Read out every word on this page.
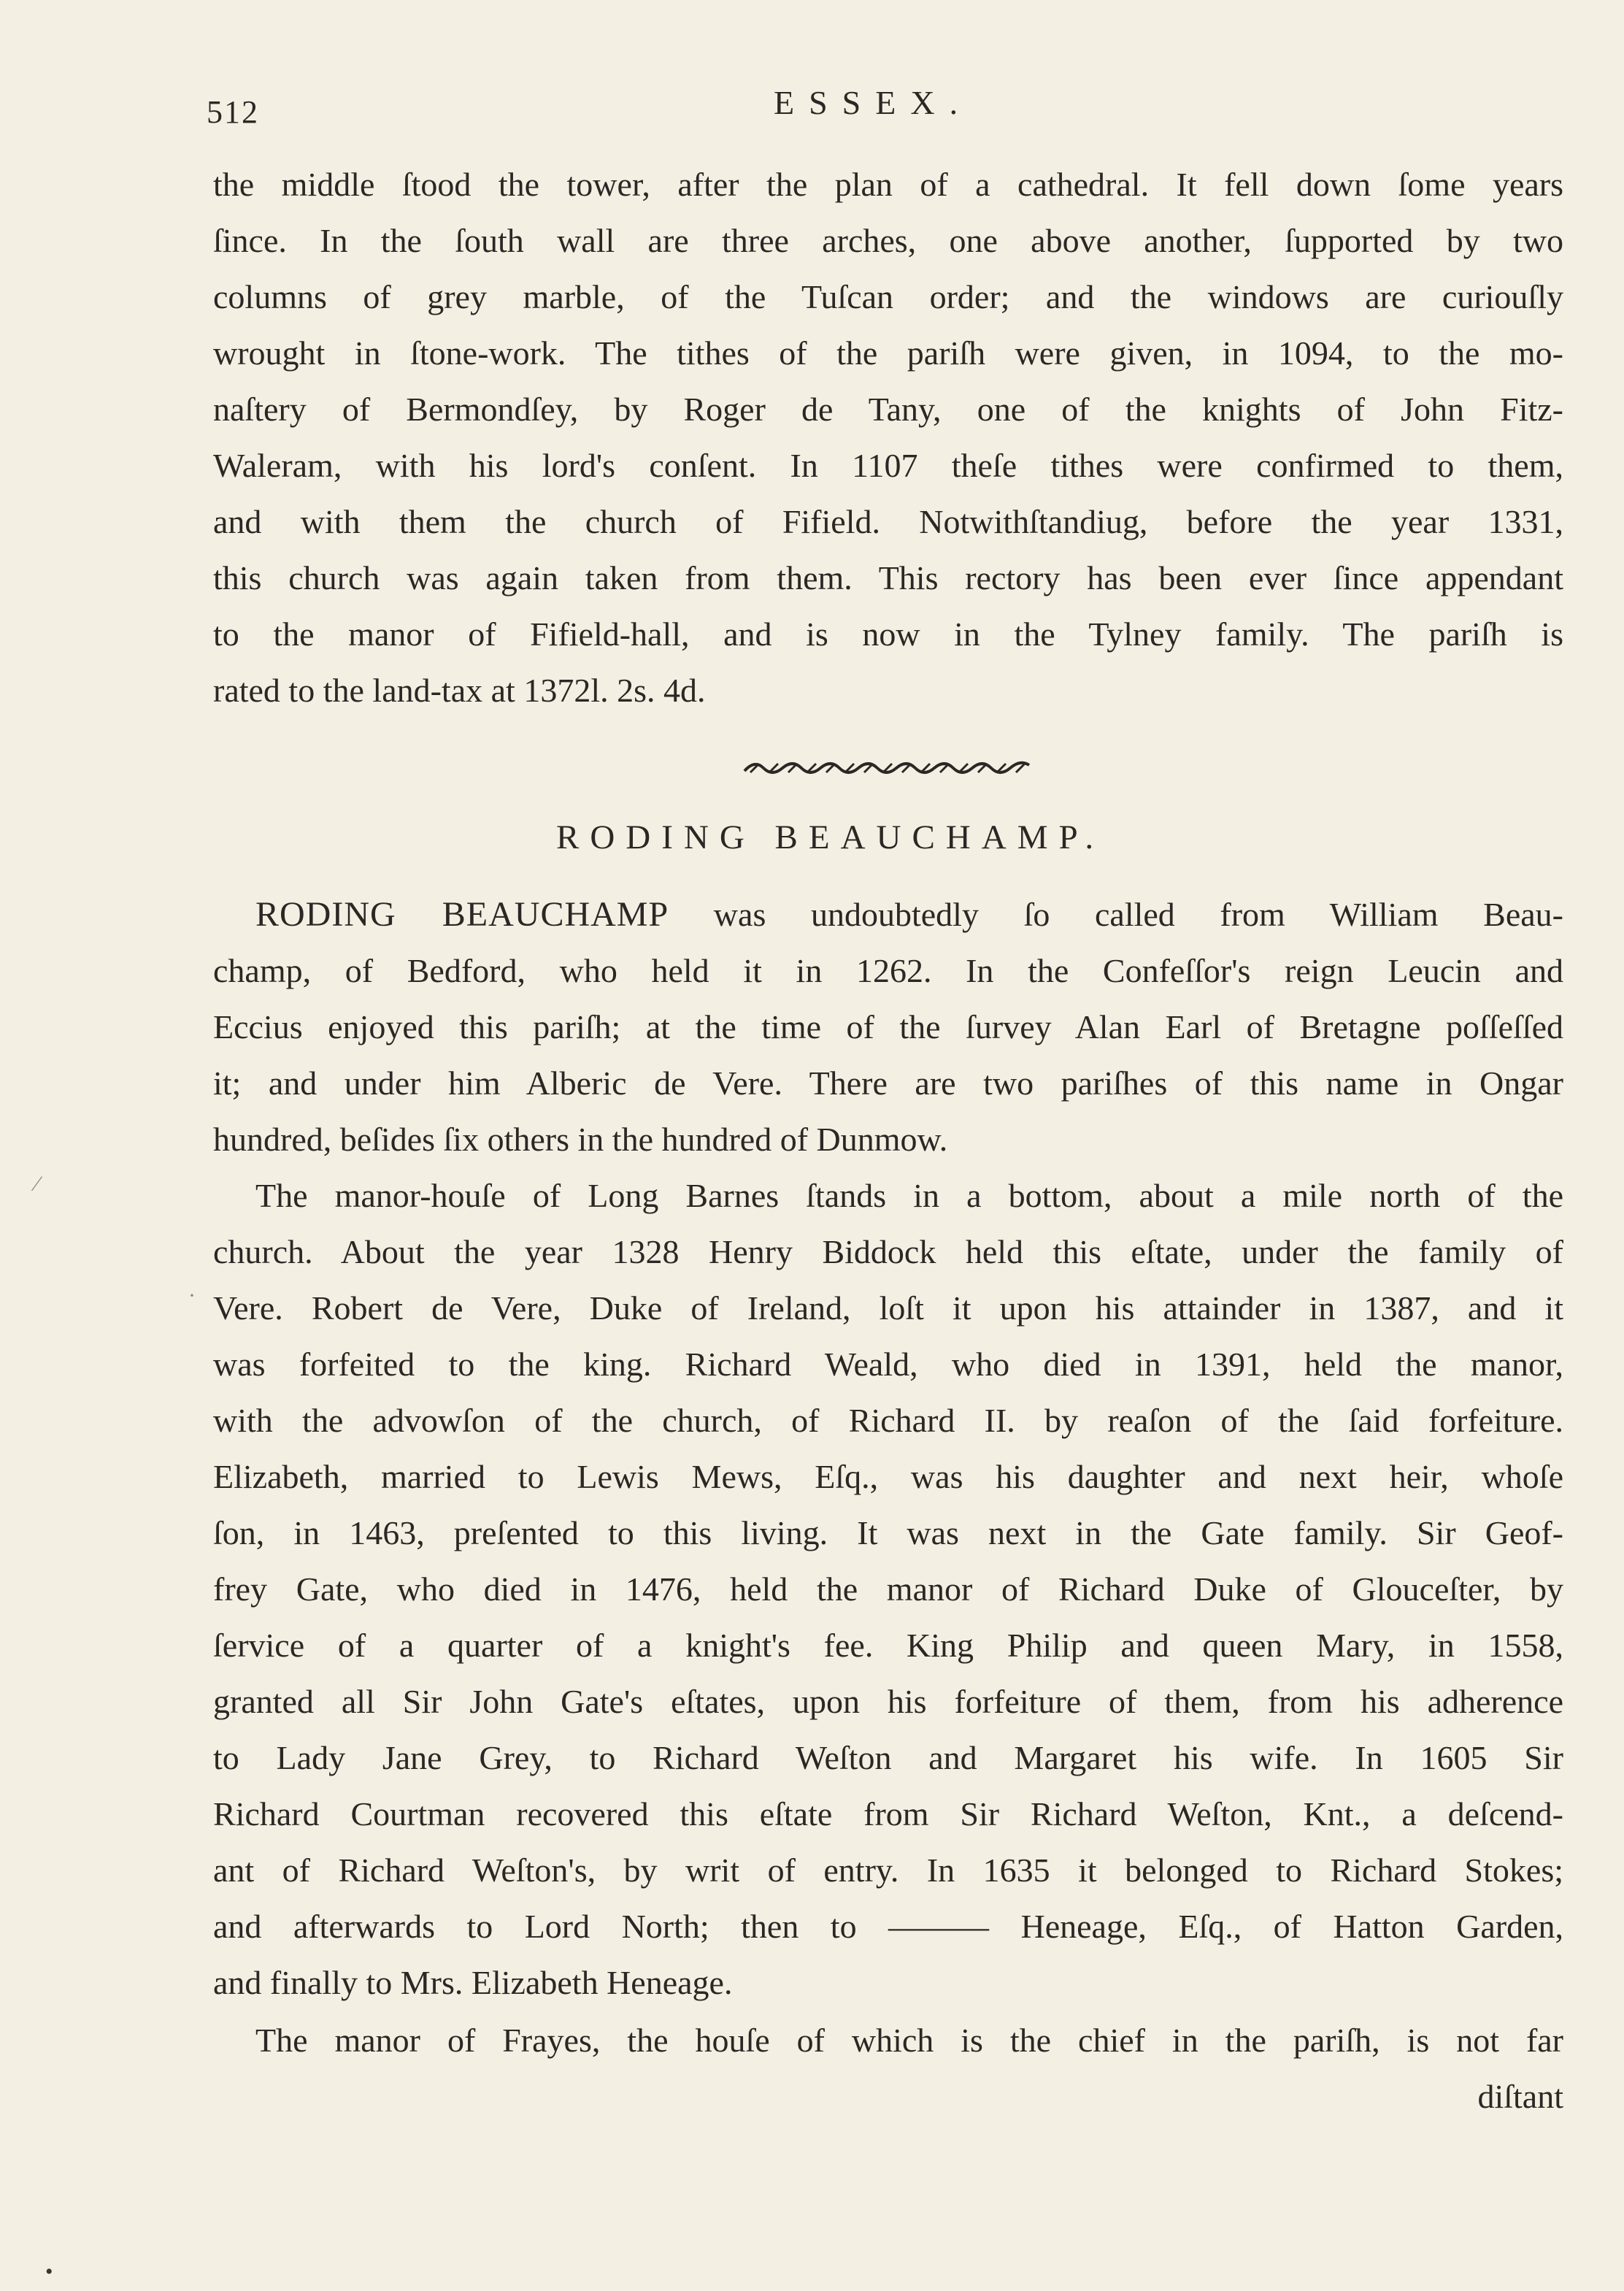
512	ESSEX.
the middle ſtood the tower, after the plan of a cathedral. It fell down ſome years
ſince. In the ſouth wall are three arches, one above another, ſupported by two
columns of grey marble, of the Tuſcan order; and the windows are curiouſly
wrought in ſtone-work. The tithes of the pariſh were given, in 1094, to the mo-
naſtery of Bermondſey, by Roger de Tany, one of the knights of John Fitz-
Waleram, with his lord's conſent. In 1107 theſe tithes were confirmed to them,
and with them the church of Fifield. Notwithſtandiug, before the year 1331,
this church was again taken from them. This rectory has been ever ſince appendant
to the manor of Fifield-hall, and is now in the Tylney family. The pariſh is
rated to the land-tax at 1372l. 2s. 4d.
RODING BEAUCHAMP.
RODING BEAUCHAMP was undoubtedly ſo called from William Beau-
champ, of Bedford, who held it in 1262. In the Confeſſor's reign Leucin and
Eccius enjoyed this pariſh; at the time of the ſurvey Alan Earl of Bretagne poſſeſſed
it; and under him Alberic de Vere. There are two pariſhes of this name in Ongar
hundred, beſides ſix others in the hundred of Dunmow.
The manor-houſe of Long Barnes ſtands in a bottom, about a mile north of the
church. About the year 1328 Henry Biddock held this eſtate, under the family of
Vere. Robert de Vere, Duke of Ireland, loſt it upon his attainder in 1387, and it
was forfeited to the king. Richard Weald, who died in 1391, held the manor,
with the advowſon of the church, of Richard II. by reaſon of the ſaid forfeiture.
Elizabeth, married to Lewis Mews, Eſq., was his daughter and next heir, whoſe
ſon, in 1463, preſented to this living. It was next in the Gate family. Sir Geof-
frey Gate, who died in 1476, held the manor of Richard Duke of Glouceſter, by
ſervice of a quarter of a knight's fee. King Philip and queen Mary, in 1558,
granted all Sir John Gate's eſtates, upon his forfeiture of them, from his adherence
to Lady Jane Grey, to Richard Weſton and Margaret his wife. In 1605 Sir
Richard Courtman recovered this eſtate from Sir Richard Weſton, Knt., a deſcend-
ant of Richard Weſton's, by writ of entry. In 1635 it belonged to Richard Stokes;
and afterwards to Lord North; then to ——— Heneage, Eſq., of Hatton Garden,
and finally to Mrs. Elizabeth Heneage.
The manor of Frayes, the houſe of which is the chief in the pariſh, is not far
diſtant
⁄
·
•
